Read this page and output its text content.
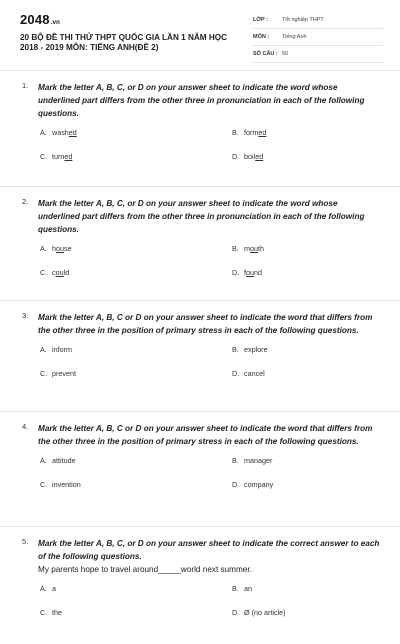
2048.vn
20 BỘ ĐỀ THI THỬ THPT QUỐC GIA LẦN 1 NĂM HỌC 2018 - 2019 MÔN: TIẾNG ANH(ĐỀ 2)
LỚP :	Tốt nghiệp THPT
MÔN : Tiếng Anh
SỐ CÂU : 50
1. Mark the letter A, B, C, or D on your answer sheet to indicate the word whose underlined part differs from the other three in pronunciation in each of the following questions.
A. washed	B. formed
C. turned	D. boiled
2. Mark the letter A, B, C, or D on your answer sheet to indicate the word whose underlined part differs from the other three in pronunciation in each of the following questions.
A. house	B. mouth
C. could	D. found
3. Mark the letter A, B, C or D on your answer sheet to indicate the word that differs from the other three in the position of primary stress in each of the following questions.
A. inform	B. explore
C. prevent	D. cancel
4. Mark the letter A, B, C or D on your answer sheet to indicate the word that differs from the other three in the position of primary stress in each of the following questions.
A. attitude	B. manager
C. invention	D. company
5. Mark the letter A, B, C, or D on your answer sheet to indicate the correct answer to each of the following questions.
My parents hope to travel around_____world next summer.
A. a	B. an
C. the	D. Ø (no article)
